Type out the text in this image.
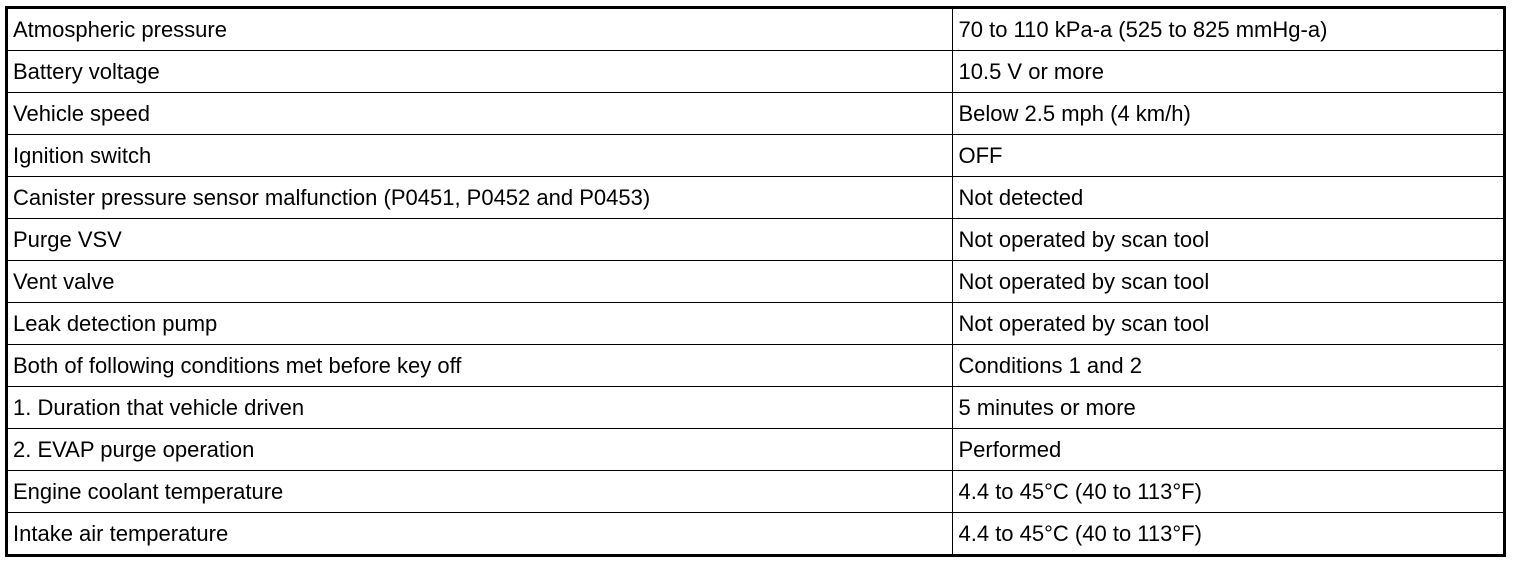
Atmospheric pressure	70 to 110 kPa-a (525 to 825 mmHg-a)
Battery voltage	10.5 V or more
Vehicle speed	Below 2.5 mph (4 km/h)
Ignition switch	OFF
Canister pressure sensor malfunction (P0451, P0452 and P0453)	Not detected
Purge VSV	Not operated by scan tool
Vent valve	Not operated by scan tool
Leak detection pump	Not operated by scan tool
Both of following conditions met before key off	Conditions 1 and 2
1. Duration that vehicle driven	5 minutes or more
2. EVAP purge operation	Performed
Engine coolant temperature	4.4 to 45°C (40 to 113°F)
Intake air temperature	4.4 to 45°C (40 to 113°F)
